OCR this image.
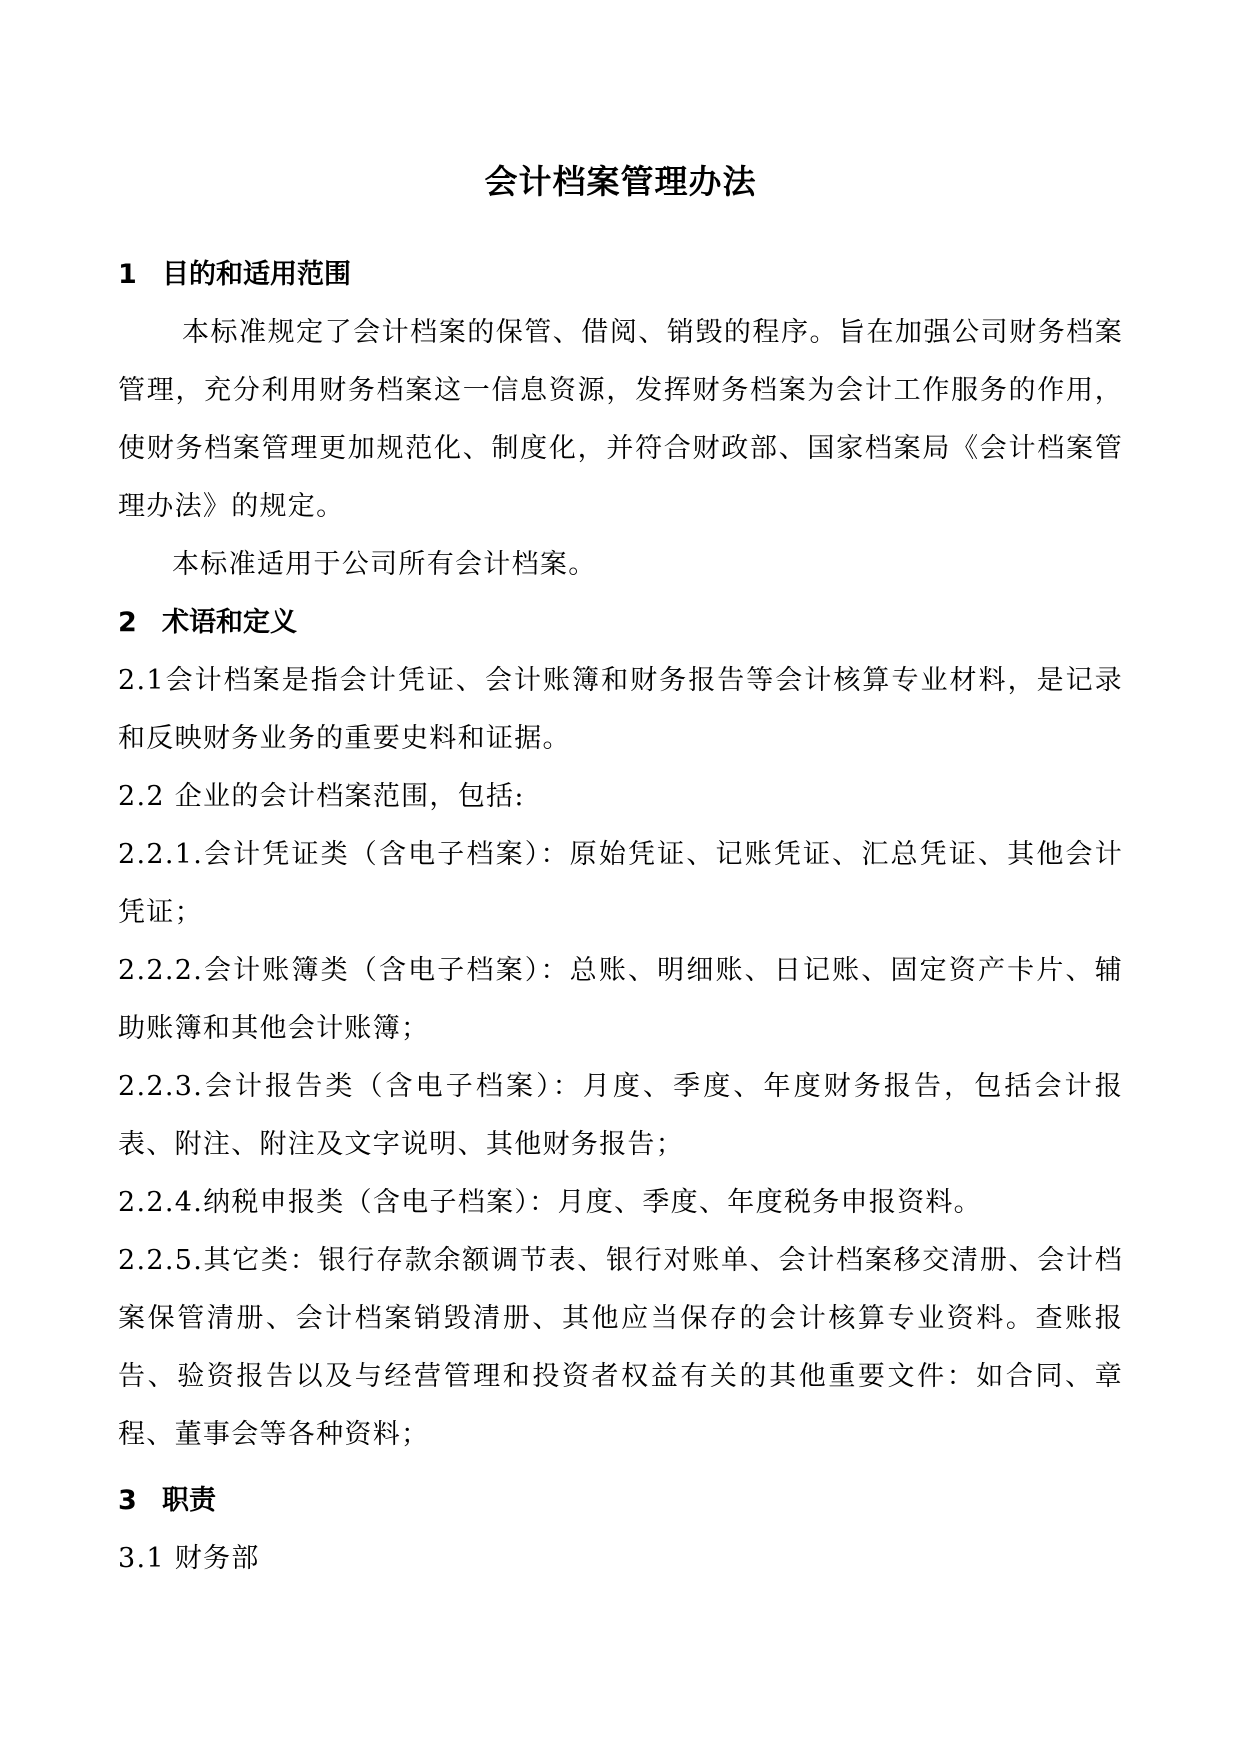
会计档案管理办法
1 目的和适用范围

本标准规定了会计档案的保管、借阅、销毁的程序。旨在加强公司财务档案管理，充分利用财务档案这一信息资源，发挥财务档案为会计工作服务的作用，使财务档案管理更加规范化、制度化，并符合财政部、国家档案局《会计档案管理办法》的规定。

本标准适用于公司所有会计档案。

2 术语和定义

2.1会计档案是指会计凭证、会计账簿和财务报告等会计核算专业材料，是记录和反映财务业务的重要史料和证据。

2.2 企业的会计档案范围，包括:

2.2.1.会计凭证类（含电子档案）：原始凭证、记账凭证、汇总凭证、其他会计凭证；

2.2.2.会计账簿类（含电子档案）：总账、明细账、日记账、固定资产卡片、辅助账簿和其他会计账簿；

2.2.3.会计报告类（含电子档案）：月度、季度、年度财务报告，包括会计报表、附注、附注及文字说明、其他财务报告；

2.2.4.纳税申报类（含电子档案）：月度、季度、年度税务申报资料。

2.2.5.其它类：银行存款余额调节表、银行对账单、会计档案移交清册、会计档案保管清册、会计档案销毁清册、其他应当保存的会计核算专业资料。查账报告、验资报告以及与经营管理和投资者权益有关的其他重要文件：如合同、章程、董事会等各种资料；

3 职责

3.1 财务部
